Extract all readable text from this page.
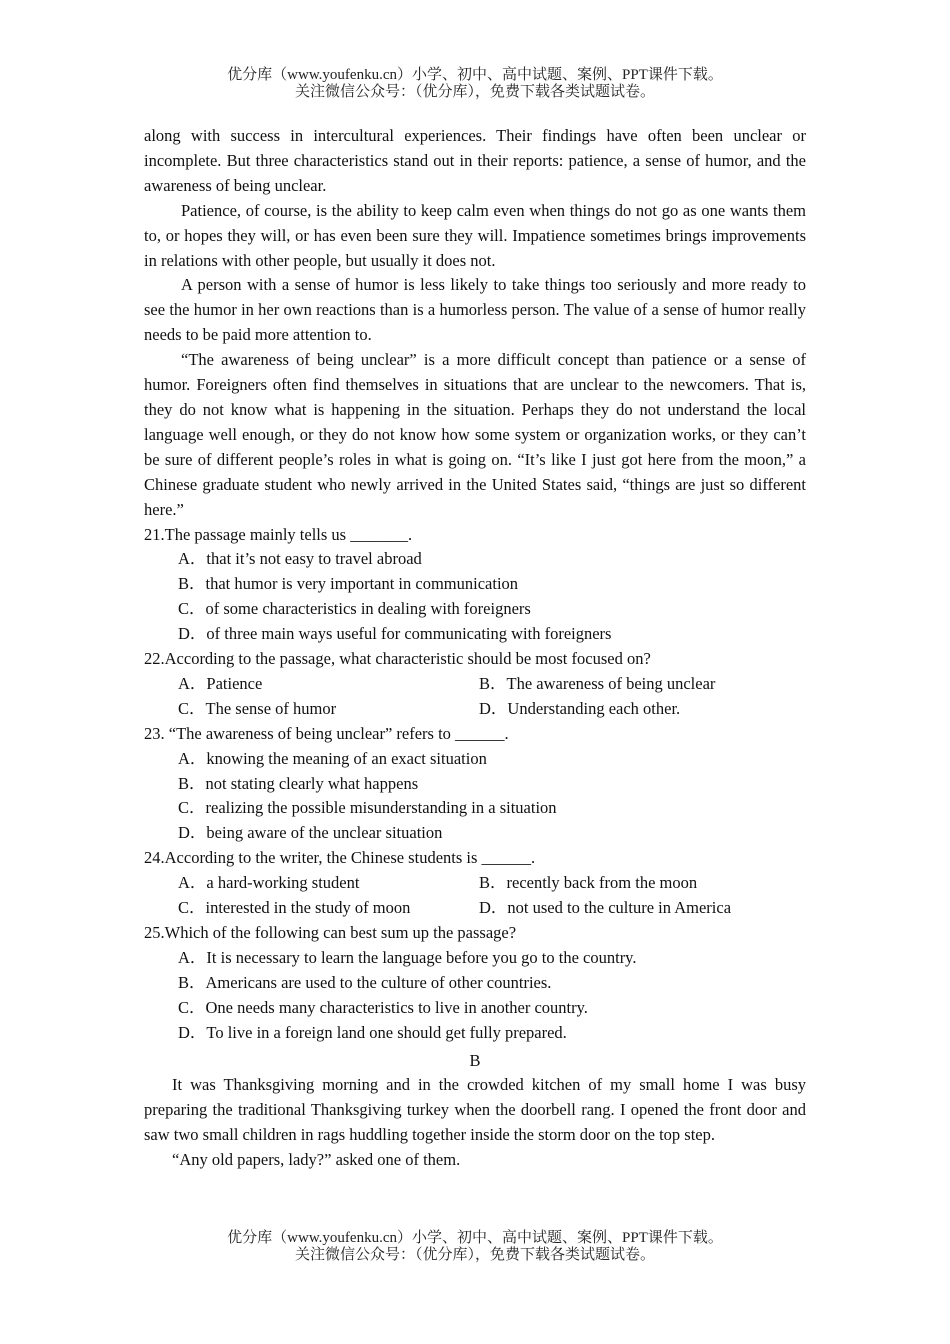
优分库（www.youfenku.cn）小学、初中、高中试题、案例、PPT课件下载。
关注微信公众号：（优分库），免费下载各类试题试卷。

along with success in intercultural experiences. Their findings have often been unclear or incomplete. But three characteristics stand out in their reports: patience, a sense of humor, and the awareness of being unclear.

Patience, of course, is the ability to keep calm even when things do not go as one wants them to, or hopes they will, or has even been sure they will. Impatience sometimes brings improvements in relations with other people, but usually it does not.

A person with a sense of humor is less likely to take things too seriously and more ready to see the humor in her own reactions than is a humorless person. The value of a sense of humor really needs to be paid more attention to.

“The awareness of being unclear” is a more difficult concept than patience or a sense of humor. Foreigners often find themselves in situations that are unclear to the newcomers. That is, they do not know what is happening in the situation. Perhaps they do not understand the local language well enough, or they do not know how some system or organization works, or they can’t be sure of different people’s roles in what is going on. “It’s like I just got here from the moon,” a Chinese graduate student who newly arrived in the United States said, “things are just so different here.”

21.The passage mainly tells us _______.
A．that it’s not easy to travel abroad
B．that humor is very important in communication
C．of some characteristics in dealing with foreigners
D．of three main ways useful for communicating with foreigners
22.According to the passage, what characteristic should be most focused on?
A．Patience	B．The awareness of being unclear
C．The sense of humor	D．Understanding each other.
23. “The awareness of being unclear” refers to ______.
A．knowing the meaning of an exact situation
B．not stating clearly what happens
C．realizing the possible misunderstanding in a situation
D．being aware of the unclear situation
24.According to the writer, the Chinese students is ______.
A．a hard-working student	B．recently back from the moon
C．interested in the study of moon	D．not used to the culture in America
25.Which of the following can best sum up the passage?
A．It is necessary to learn the language before you go to the country.
B．Americans are used to the culture of other countries.
C．One needs many characteristics to live in another country.
D．To live in a foreign land one should get fully prepared.
B

It was Thanksgiving morning and in the crowded kitchen of my small home I was busy preparing the traditional Thanksgiving turkey when the doorbell rang. I opened the front door and saw two small children in rags huddling together inside the storm door on the top step.

“Any old papers, lady?” asked one of them.

优分库（www.youfenku.cn）小学、初中、高中试题、案例、PPT课件下载。
关注微信公众号：（优分库），免费下载各类试题试卷。
